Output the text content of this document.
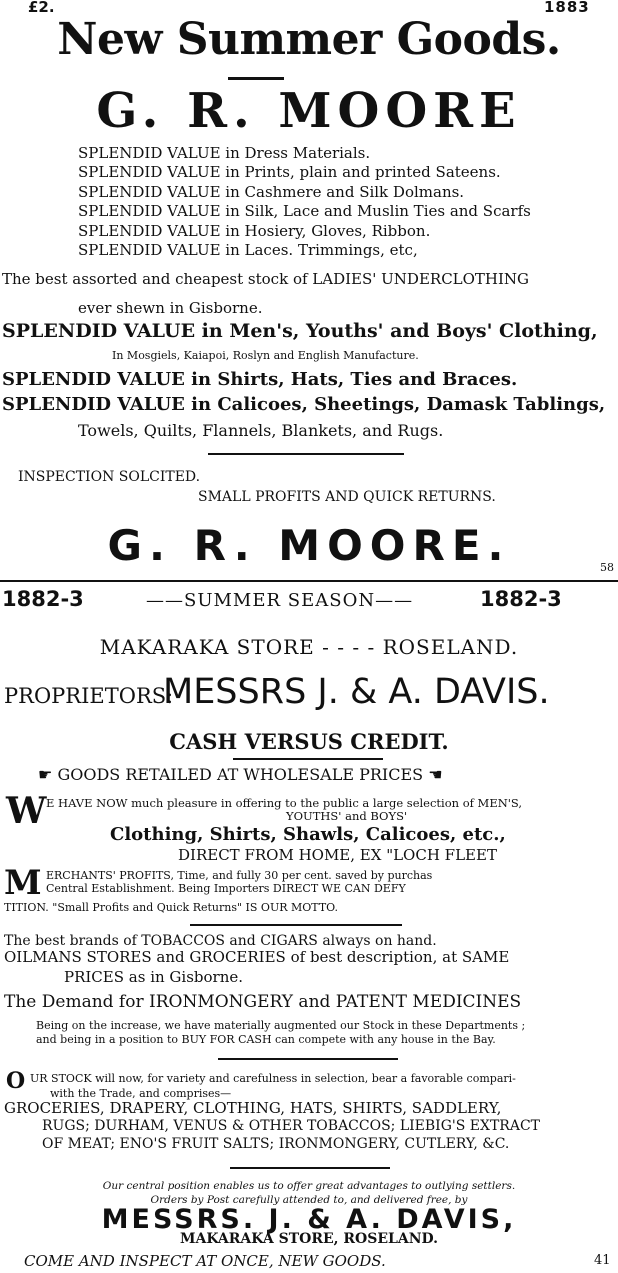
£2.	1883
New Summer Goods.
G. R. MOORE
SPLENDID VALUE in Dress Materials.
SPLENDID VALUE in Prints, plain and printed Sateens.
SPLENDID VALUE in Cashmere and Silk Dolmans.
SPLENDID VALUE in Silk, Lace and Muslin Ties and Scarfs
SPLENDID VALUE in Hosiery, Gloves, Ribbon.
SPLENDID VALUE in Laces. Trimmings, etc,
The best assorted and cheapest stock of LADIES' UNDERCLOTHING
ever shewn in Gisborne.
SPLENDID VALUE in Men's, Youths' and Boys' Clothing,
In Mosgiels, Kaiapoi, Roslyn and English Manufacture.
SPLENDID VALUE in Shirts, Hats, Ties and Braces.
SPLENDID VALUE in Calicoes, Sheetings, Damask Tablings,
Towels, Quilts, Flannels, Blankets, and Rugs.
INSPECTION SOLCITED.
SMALL PROFITS AND QUICK RETURNS.
G. R. MOORE.	58
1882-3	——SUMMER SEASON——	1882-3
MAKARAKA STORE - - - - ROSELAND.
PROPRIETORS:
MESSRS J. & A. DAVIS.
CASH VERSUS CREDIT.
☛ GOODS RETAILED AT WHOLESALE PRICES ☚
W E HAVE NOW much pleasure in offering to the public a large selection of MEN'S,
YOUTHS' and BOYS'
Clothing, Shirts, Shawls, Calicoes, etc.,
DIRECT FROM HOME, EX "LOCH FLEET
M ERCHANTS' PROFITS, Time, and fully 30 per cent. saved by purchas
Central Establishment. Being Importers DIRECT WE CAN DEFY
TITION. "Small Profits and Quick Returns" IS OUR MOTTO.
The best brands of TOBACCOS and CIGARS always on hand.
OILMANS STORES and GROCERIES of best description, at SAME
PRICES as in Gisborne.
The Demand for IRONMONGERY and PATENT MEDICINES
Being on the increase, we have materially augmented our Stock in these Departments ;
and being in a position to BUY FOR CASH can compete with any house in the Bay.
O UR STOCK will now, for variety and carefulness in selection, bear a favorable compari-
with the Trade, and comprises—
GROCERIES, DRAPERY, CLOTHING, HATS, SHIRTS, SADDLERY,
RUGS; DURHAM, VENUS & OTHER TOBACCOS; LIEBIG'S EXTRACT
OF MEAT; ENO'S FRUIT SALTS; IRONMONGERY, CUTLERY, &C.
Our central position enables us to offer great advantages to outlying settlers.
Orders by Post carefully attended to, and delivered free, by
MESSRS. J. & A. DAVIS,
MAKARAKA STORE, ROSELAND.
COME AND INSPECT AT ONCE, NEW GOODS.	41
